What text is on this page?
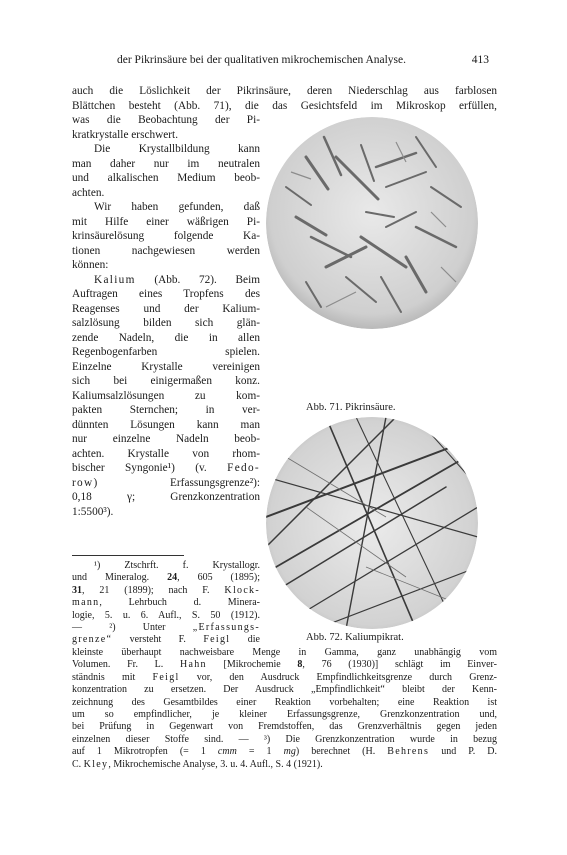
der Pikrinsäure bei der qualitativen mikrochemischen Analyse.	413
auch die Löslichkeit der Pikrinsäure, deren Niederschlag aus farblosen
Blättchen besteht (Abb. 71), die das Gesichtsfeld im Mikroskop erfüllen,
was die Beobachtung der Pi-
kratkrystalle erschwert.
Die Krystallbildung kann
man daher nur im neutralen
und alkalischen Medium beob-
achten.
Wir haben gefunden, daß
mit Hilfe einer wäßrigen Pi-
krinsäurelösung folgende Ka-
tionen nachgewiesen werden
können:
Kalium (Abb. 72). Beim
Auftragen eines Tropfens des
Reagenses und der Kalium-
salzlösung bilden sich glän-
zende Nadeln, die in allen
Regenbogenfarben spielen.
Einzelne Krystalle vereinigen
sich bei einigermaßen konz.
Kaliumsalzlösungen zu kom-
pakten Sternchen; in ver-
dünnten Lösungen kann man
nur einzelne Nadeln beob-
achten. Krystalle von rhom-
bischer Syngonie¹) (v. Fedo-
row) Erfassungsgrenze²):
0,18 γ; Grenzkonzentration
1:5500³).
¹) Ztschrft. f. Krystallogr.
und Mineralog. 24, 605 (1895);
31, 21 (1899); nach F. Klock-
mann, Lehrbuch d. Minera-
logie, 5. u. 6. Aufl., S. 50 (1912).
— ²) Unter „Erfassungs-
grenze“ versteht F. Feigl die
kleinste überhaupt nachweisbare Menge in Gamma, ganz unabhängig vom
Volumen. Fr. L. Hahn [Mikrochemie 8, 76 (1930)] schlägt im Einver-
ständnis mit Feigl vor, den Ausdruck Empfindlichkeitsgrenze durch Grenz-
konzentration zu ersetzen. Der Ausdruck „Empfindlichkeit“ bleibt der Kenn-
zeichnung des Gesamtbildes einer Reaktion vorbehalten; eine Reaktion ist
um so empfindlicher, je kleiner Erfassungsgrenze, Grenzkonzentration und,
bei Prüfung in Gegenwart von Fremdstoffen, das Grenzverhältnis gegen jeden
einzelnen dieser Stoffe sind. — ³) Die Grenzkonzentration wurde in bezug
auf 1 Mikrotropfen (= 1 cmm = 1 mg) berechnet (H. Behrens und P. D.
C. Kley, Mikrochemische Analyse, 3. u. 4. Aufl., S. 4 (1921).
Abb. 71. Pikrinsäure.
Abb. 72. Kaliumpikrat.
